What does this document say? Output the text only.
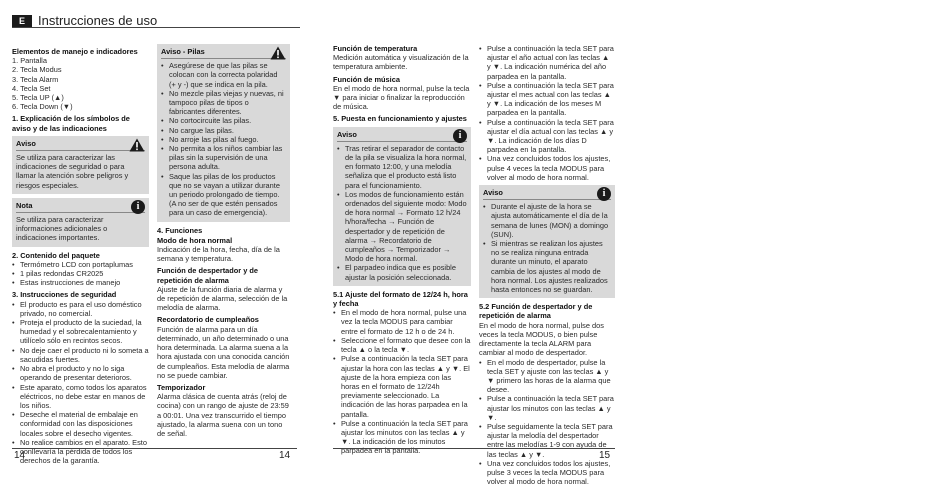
E	Instrucciones de uso
Elementos de manejo e indicadores
1. Pantalla
2. Tecla Modus
3. Tecla Alarm
4. Tecla Set
5. Tecla UP (▲)
6. Tecla Down (▼)
1. Explicación de los símbolos de aviso y de las indicaciones
Aviso
Se utiliza para caracterizar las indicaciones de seguridad o para llamar la atención sobre peligros y riesgos especiales.
Nota	i
Se utiliza para caracterizar informaciones adicionales o indicaciones importantes.
2. Contenido del paquete
• Termómetro LCD con portaplumas
• 1 pilas redondas CR2025
• Estas instrucciones de manejo
3. Instrucciones de seguridad
• El producto es para el uso doméstico privado, no comercial.
• Proteja el producto de la suciedad, la humedad y el sobrecalentamiento y utilícelo sólo en recintos secos.
• No deje caer el producto ni lo someta a sacudidas fuertes.
• No abra el producto y no lo siga operando de presentar deterioros.
• Este aparato, como todos los aparatos eléctricos, no debe estar en manos de los niños.
• Deseche el material de embalaje en conformidad con las disposiciones locales sobre el desecho vigentes.
• No realice cambios en el aparato. Esto conllevaría la pérdida de todos los derechos de la garantía.
Aviso - Pilas
• Asegúrese de que las pilas se colocan con la correcta polaridad (+ y -) que se indica en la pila.
• No mezcle pilas viejas y nuevas, ni tampoco pilas de tipos o fabricantes diferentes.
• No cortocircuite las pilas.
• No cargue las pilas.
• No arroje las pilas al fuego.
• No permita a los niños cambiar las pilas sin la supervisión de una persona adulta.
• Saque las pilas de los productos que no se vayan a utilizar durante un periodo prolongado de tiempo. (A no ser de que estén pensados para un caso de emergencia).
4. Funciones
Modo de hora normal
Indicación de la hora, fecha, día de la semana y temperatura.
Función de despertador y de repetición de alarma
Ajuste de la función diaria de alarma y de repetición de alarma, selección de la melodía de alarma.
Recordatorio de cumpleaños
Función de alarma para un día determinado, un año determinado o una hora determinada. La alarma suena a la hora ajustada con una conocida canción de cumpleaños. Esta melodía de alarma no se puede cambiar.
Temporizador
Alarma clásica de cuenta atrás (reloj de cocina) con un rango de ajuste de 23:59 a 00:01. Una vez transcurrido el tiempo ajustado, la alarma suena con un tono de señal.
Función de temperatura
Medición automática y visualización de la temperatura ambiente.
Función de música
En el modo de hora normal, pulse la tecla ▼ para iniciar o finalizar la reproducción de música.
5. Puesta en funcionamiento y ajustes
Aviso	i
• Tras retirar el separador de contacto de la pila se visualiza la hora normal, en formato 12:00, y una melodía señaliza que el producto está listo para el funcionamiento.
• Los modos de funcionamiento están ordenados del siguiente modo: Modo de hora normal → Formato 12 h/24 h/hora/fecha → Función de despertador y de repetición de alarma → Recordatorio de cumpleaños → Temporizador → Modo de hora normal.
• El parpadeo indica que es posible ajustar la posición seleccionada.
5.1 Ajuste del formato de 12/24 h, hora y fecha
• En el modo de hora normal, pulse una vez la tecla MODUS para cambiar entre el formato de 12 h o de 24 h.
• Seleccione el formato que desee con la tecla ▲ o la tecla ▼.
• Pulse a continuación la tecla SET para ajustar la hora con las teclas ▲ y ▼. El ajuste de la hora empieza con las horas en el formato de 12/24h previamente seleccionado. La indicación de las horas parpadea en la pantalla.
• Pulse a continuación la tecla SET para ajustar los minutos con las teclas ▲ y ▼. La indicación de los minutos parpadea en la pantalla.
• Pulse a continuación la tecla SET para ajustar el año actual con las teclas ▲ y ▼. La indicación numérica del año parpadea en la pantalla.
• Pulse a continuación la tecla SET para ajustar el mes actual con las teclas ▲ y ▼. La indicación de los meses M parpadea en la pantalla.
• Pulse a continuación la tecla SET para ajustar el día actual con las teclas ▲ y ▼. La indicación de los días D parpadea en la pantalla.
• Una vez concluidos todos los ajustes, pulse 4 veces la tecla MODUS para volver al modo de hora normal.
Aviso	i
• Durante el ajuste de la hora se ajusta automáticamente el día de la semana de lunes (MON) a domingo (SUN).
• Si mientras se realizan los ajustes no se realiza ninguna entrada durante un minuto, el aparato cambia de los ajustes al modo de hora normal. Los ajustes realizados hasta entonces no se guardan.
5.2 Función de despertador y de repetición de alarma
En el modo de hora normal, pulse dos veces la tecla MODUS, o bien pulse directamente la tecla ALARM para cambiar al modo de despertador.
• En el modo de despertador, pulse la tecla SET y ajuste con las teclas ▲ y ▼ primero las horas de la alarma que desee.
• Pulse a continuación la tecla SET para ajustar los minutos con las teclas ▲ y ▼.
• Pulse seguidamente la tecla SET para ajustar la melodía del despertador entre las melodías 1-9 con ayuda de las teclas ▲ y ▼.
• Una vez concluidos todos los ajustes, pulse 3 veces la tecla MODUS para volver al modo de hora normal.
14	14	15
